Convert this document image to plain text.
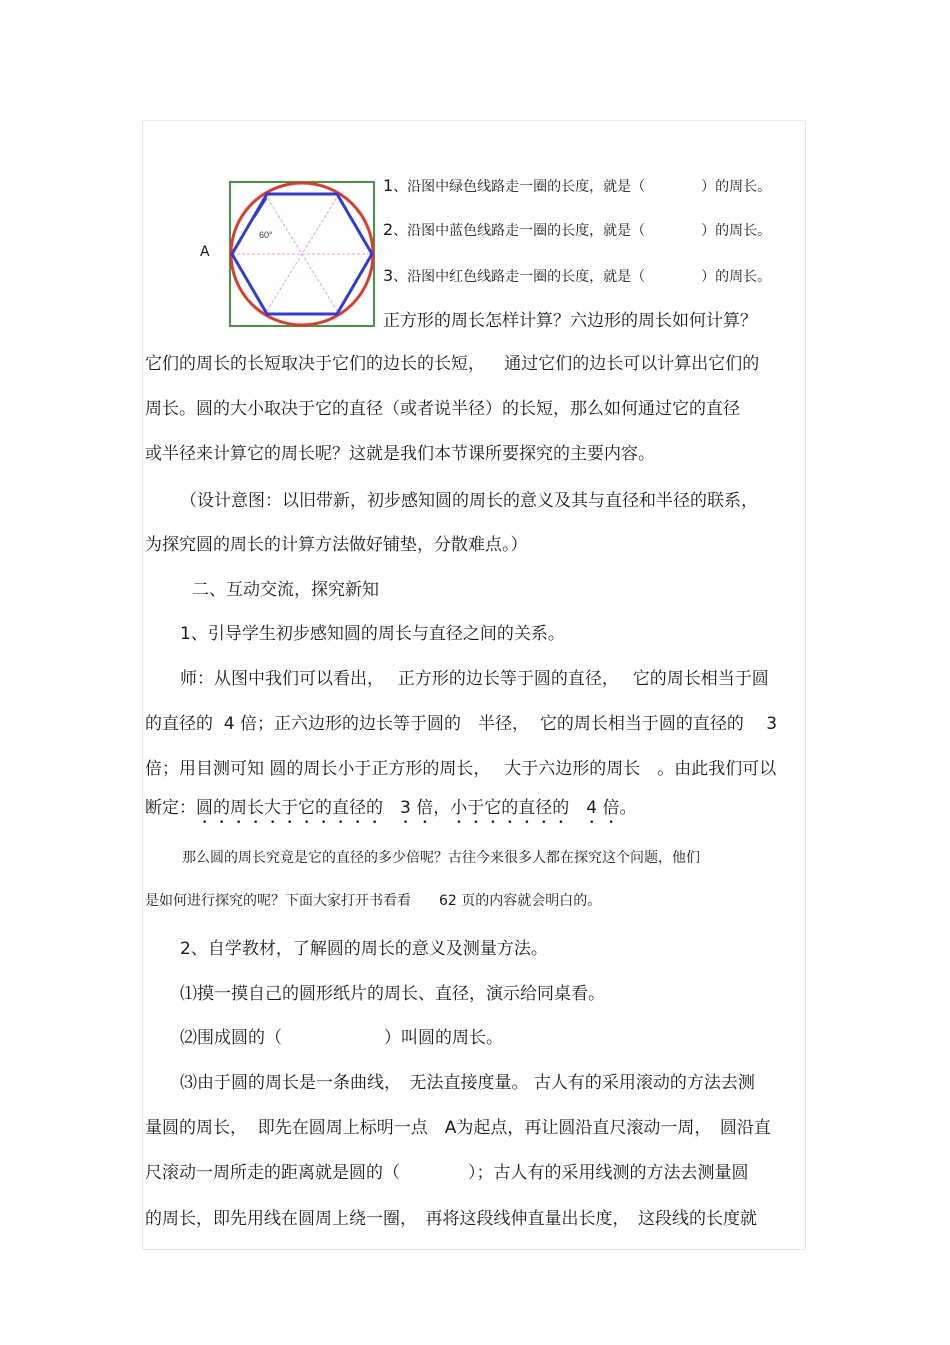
A
60°
1、沿图中绿色线路走一圈的长度，就是（　　　　）的周长。
2、沿图中蓝色线路走一圈的长度，就是（　　　　）的周长。
3、沿图中红色线路走一圈的长度，就是（　　　　）的周长。
正方形的周长怎样计算？六边形的周长如何计算？
它们的周长的长短取决于它们的边长的长短，　  通过它们的边长可以计算出它们的
周长。圆的大小取决于它的直径（或者说半径）的长短，那么如何通过它的直径
或半径来计算它的周长呢？这就是我们本节课所要探究的主要内容。
（设计意图：以旧带新，初步感知圆的周长的意义及其与直径和半径的联系，
为探究圆的周长的计算方法做好铺垫，分散难点。）
二、互动交流，探究新知
1、引导学生初步感知圆的周长与直径之间的关系。
师：从图中我们可以看出，　 正方形的边长等于圆的直径，　 它的周长相当于圆
的直径的  4 倍；正六边形的边长等于圆的　半径，  它的周长相当于圆的直径的　 3
倍；用目测可知 圆的周长小于正方形的周长，　 大于六边形的周长　。由此我们可以
断定：圆的周长大于它的直径的　3 倍，小于它的直径的　4 倍。
那么圆的周长究竟是它的直径的多少倍呢？古往今来很多人都在探究这个问题，他们
是如何进行探究的呢？下面大家打开书看看　　62 页的内容就会明白的。
2、自学教材，了解圆的周长的意义及测量方法。
⑴摸一摸自己的圆形纸片的周长、直径，演示给同桌看。
⑵围成圆的（　　　　　　）叫圆的周长。
⑶由于圆的周长是一条曲线，　无法直接度量。 古人有的采用滚动的方法去测
量圆的周长，  即先在圆周上标明一点　A为起点，再让圆沿直尺滚动一周，　圆沿直
尺滚动一周所走的距离就是圆的（　　　　）；古人有的采用线测的方法去测量圆
的周长，即先用线在圆周上绕一圈，　再将这段线伸直量出长度，　这段线的长度就
